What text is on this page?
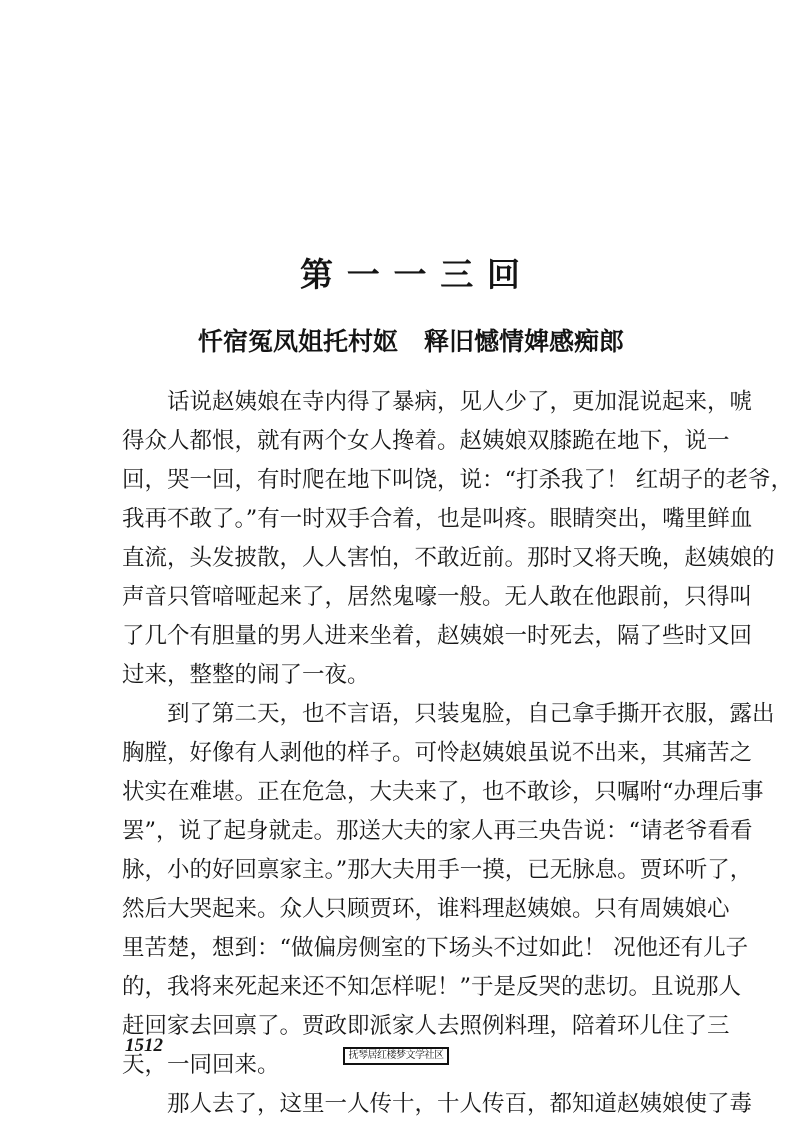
第 一 一 三 回
忏宿冤凤姐托村妪 释旧憾情婢感痴郎
话说赵姨娘在寺内得了暴病，见人少了，更加混说起来，唬
得众人都恨，就有两个女人搀着。赵姨娘双膝跪在地下，说一
回，哭一回，有时爬在地下叫饶，说：“打杀我了！ 红胡子的老爷，
我再不敢了。”有一时双手合着，也是叫疼。眼睛突出，嘴里鲜血
直流，头发披散，人人害怕，不敢近前。那时又将天晚，赵姨娘的
声音只管喑哑起来了，居然鬼嚎一般。无人敢在他跟前，只得叫
了几个有胆量的男人进来坐着，赵姨娘一时死去，隔了些时又回
过来，整整的闹了一夜。
到了第二天，也不言语，只装鬼脸，自己拿手撕开衣服，露出
胸膛，好像有人剥他的样子。可怜赵姨娘虽说不出来，其痛苦之
状实在难堪。正在危急，大夫来了，也不敢诊，只嘱咐“办理后事
罢”，说了起身就走。那送大夫的家人再三央告说：“请老爷看看
脉，小的好回禀家主。”那大夫用手一摸，已无脉息。贾环听了，
然后大哭起来。众人只顾贾环，谁料理赵姨娘。只有周姨娘心
里苦楚，想到：“做偏房侧室的下场头不过如此！ 况他还有儿子
的，我将来死起来还不知怎样呢！”于是反哭的悲切。且说那人
赶回家去回禀了。贾政即派家人去照例料理，陪着环儿住了三
天，一同回来。
那人去了，这里一人传十，十人传百，都知道赵姨娘使了毒
1512	抚琴居红楼梦文学社区
